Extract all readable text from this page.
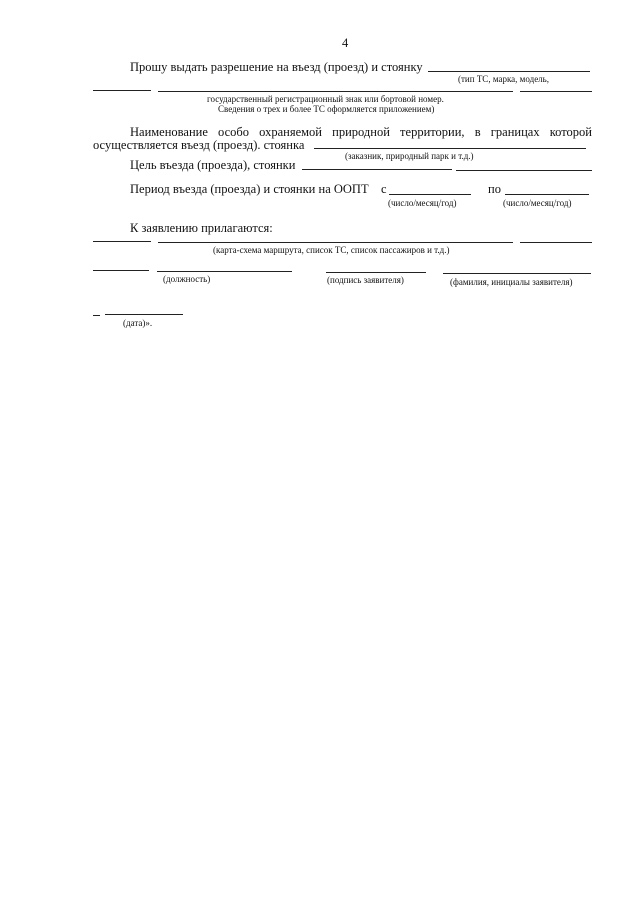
4
Прошу выдать разрешение на въезд (проезд) и стоянку
(тип ТС, марка, модель,
государственный регистрационный знак или бортовой номер.
Сведения о трех и более ТС оформляется приложением)
Наименование особо охраняемой природной территории, в границах которой
осуществляется въезд (проезд). стоянка
(заказник, природный парк и т.д.)
Цель въезда (проезда), стоянки
Период въезда (проезда) и стоянки на ООПТ с	по
(число/месяц/год)	(число/месяц/год)
К заявлению прилагаются:
(карта-схема маршрута, список ТС, список пассажиров и т.д.)
(должность)	(подпись заявителя)	(фамилия, инициалы заявителя)
(дата)».
